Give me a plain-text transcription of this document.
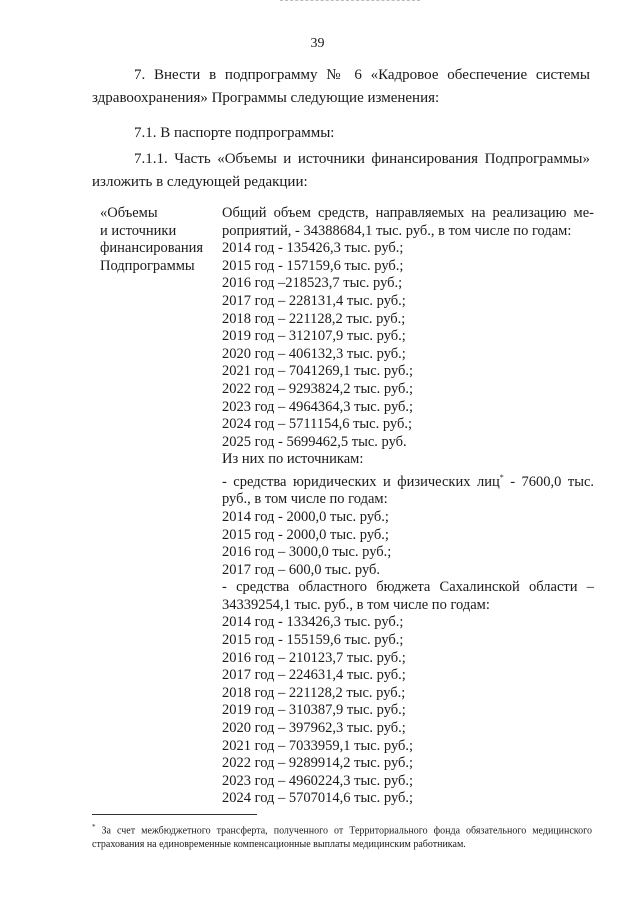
39
7. Внести в подпрограмму № 6 «Кадровое обеспечение системы здравоохранения» Программы следующие изменения:
7.1. В паспорте подпрограммы:
7.1.1. Часть «Объемы и источники финансирования Подпрограммы» изложить в следующей редакции:
«Объемы
и источники
финансирования
Подпрограммы
Общий объем средств, направляемых на реализацию ме-
роприятий, - 34388684,1 тыс. руб., в том числе по годам:
2014 год - 135426,3 тыс. руб.;
2015 год - 157159,6 тыс. руб.;
2016 год –218523,7 тыс. руб.;
2017 год – 228131,4 тыс. руб.;
2018 год – 221128,2 тыс. руб.;
2019 год – 312107,9 тыс. руб.;
2020 год – 406132,3 тыс. руб.;
2021 год – 7041269,1 тыс. руб.;
2022 год – 9293824,2 тыс. руб.;
2023 год – 4964364,3 тыс. руб.;
2024 год – 5711154,6 тыс. руб.;
2025 год - 5699462,5 тыс. руб.
Из них по источникам:
- средства юридических и физических лиц* - 7600,0 тыс.
руб., в том числе по годам:
2014 год - 2000,0 тыс. руб.;
2015 год - 2000,0 тыс. руб.;
2016 год – 3000,0 тыс. руб.;
2017 год – 600,0 тыс. руб.
- средства областного бюджета Сахалинской области –
34339254,1 тыс. руб., в том числе по годам:
2014 год - 133426,3 тыс. руб.;
2015 год - 155159,6 тыс. руб.;
2016 год – 210123,7 тыс. руб.;
2017 год – 224631,4 тыс. руб.;
2018 год – 221128,2 тыс. руб.;
2019 год – 310387,9 тыс. руб.;
2020 год – 397962,3 тыс. руб.;
2021 год – 7033959,1 тыс. руб.;
2022 год – 9289914,2 тыс. руб.;
2023 год – 4960224,3 тыс. руб.;
2024 год – 5707014,6 тыс. руб.;
* За счет межбюджетного трансферта, полученного от Территориального фонда обязательного медицинского страхования на единовременные компенсационные выплаты медицинским работникам.
